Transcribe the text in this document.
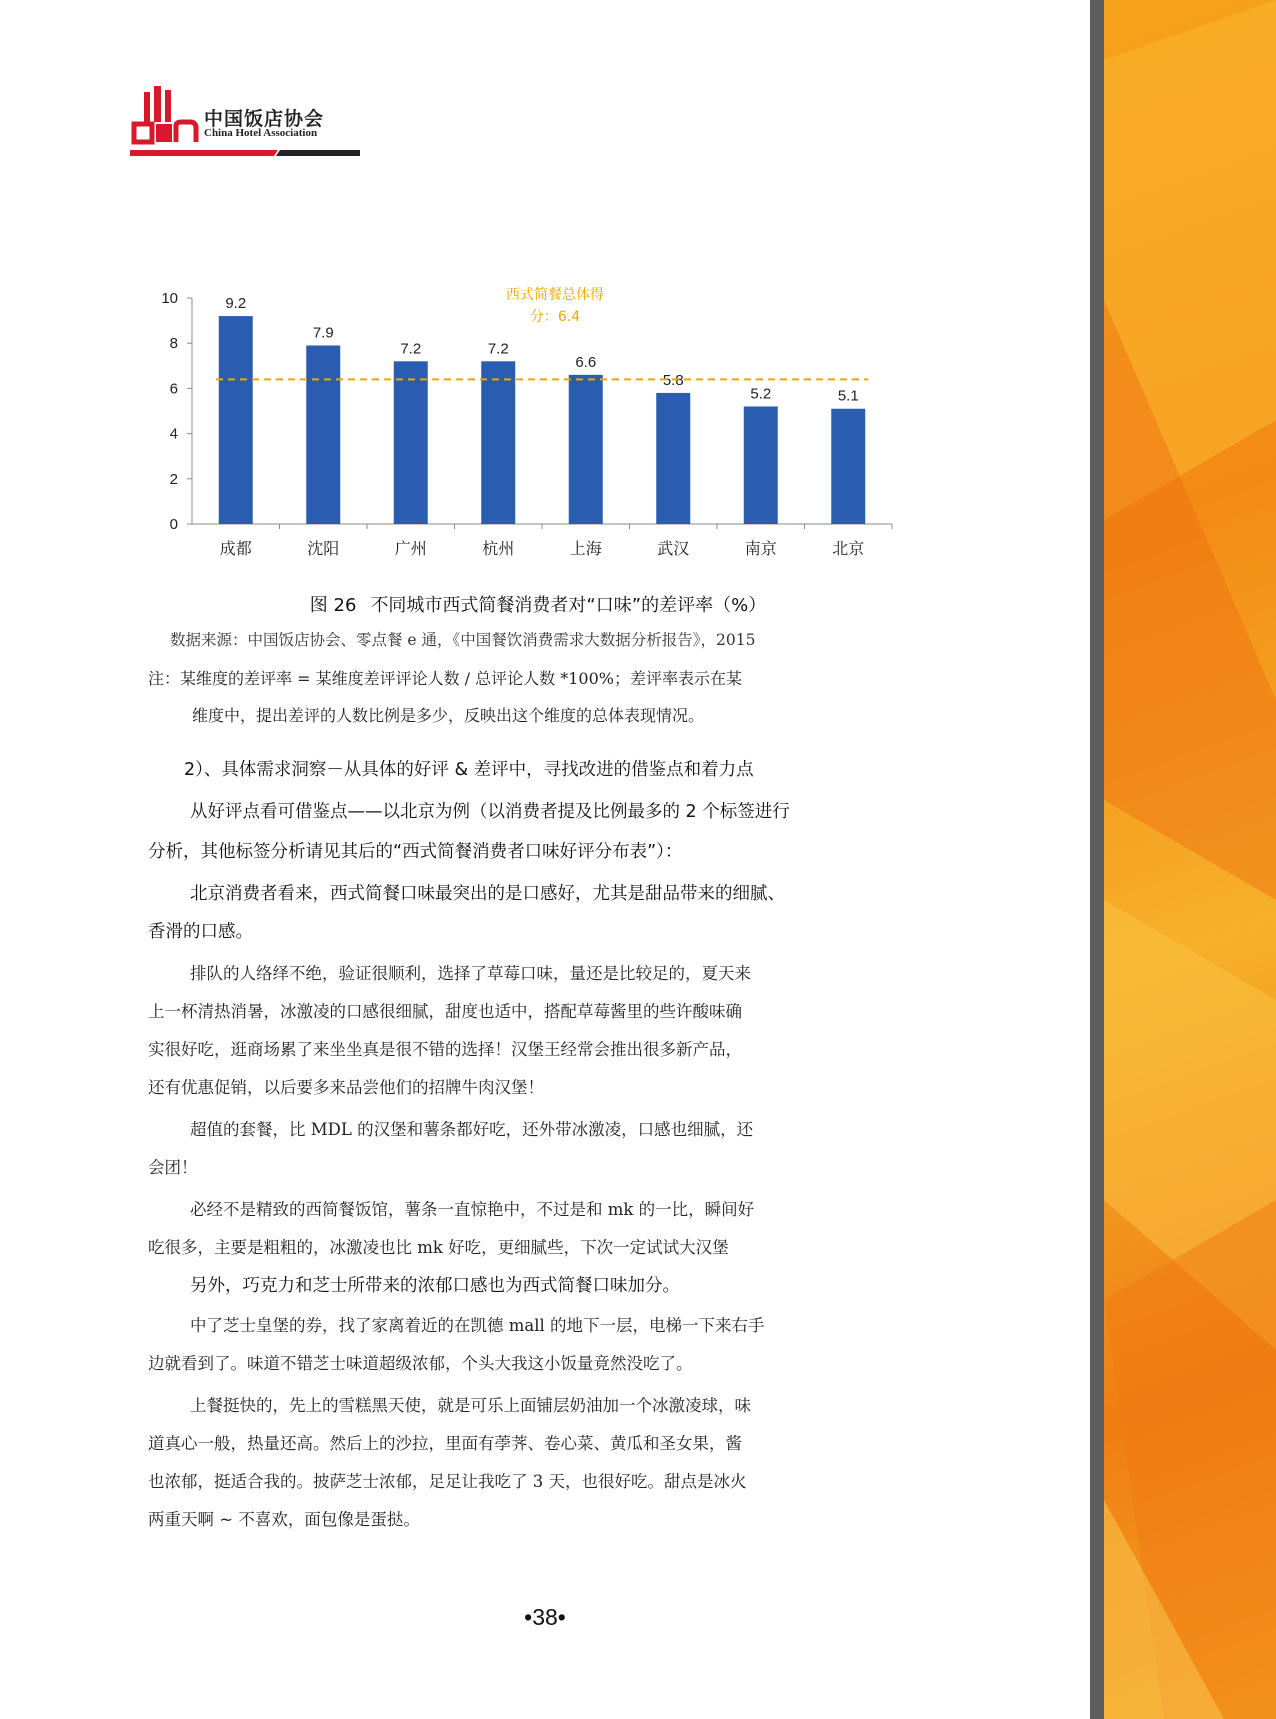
中国饭店协会
China Hotel Association
0
2
4
6
8
10	9.2
成都
7.9
沈阳
7.2
广州
7.2
杭州
6.6
上海
5.8
武汉
5.2
南京
5.1
北京
西式简餐总体得
分：6.4
图 26 不同城市西式简餐消费者对“口味”的差评率（%）
数据来源：中国饭店协会、零点餐 e 通，《中国餐饮消费需求大数据分析报告》，2015
注：某维度的差评率 = 某维度差评评论人数 / 总评论人数 *100%；差评率表示在某
维度中，提出差评的人数比例是多少，反映出这个维度的总体表现情况。
2）、具体需求洞察－从具体的好评 & 差评中，寻找改进的借鉴点和着力点
从好评点看可借鉴点——以北京为例（以消费者提及比例最多的 2 个标签进行
分析，其他标签分析请见其后的“西式简餐消费者口味好评分布表”）：
北京消费者看来，西式简餐口味最突出的是口感好，尤其是甜品带来的细腻、
香滑的口感。
排队的人络绎不绝，验证很顺利，选择了草莓口味，量还是比较足的，夏天来
上一杯清热消暑，冰激凌的口感很细腻，甜度也适中，搭配草莓酱里的些许酸味确
实很好吃，逛商场累了来坐坐真是很不错的选择！汉堡王经常会推出很多新产品，
还有优惠促销，以后要多来品尝他们的招牌牛肉汉堡！
超值的套餐，比 MDL 的汉堡和薯条都好吃，还外带冰激凌，口感也细腻，还
会团！
必经不是精致的西简餐饭馆，薯条一直惊艳中，不过是和 mk 的一比，瞬间好
吃很多，主要是粗粗的，冰激凌也比 mk 好吃，更细腻些，下次一定试试大汉堡
另外，巧克力和芝士所带来的浓郁口感也为西式简餐口味加分。
中了芝士皇堡的券，找了家离着近的在凯德 mall 的地下一层，电梯一下来右手
边就看到了。味道不错芝士味道超级浓郁，个头大我这小饭量竟然没吃了。
上餐挺快的，先上的雪糕黑天使，就是可乐上面铺层奶油加一个冰激凌球，味
道真心一般，热量还高。然后上的沙拉，里面有荸荠、卷心菜、黄瓜和圣女果，酱
也浓郁，挺适合我的。披萨芝士浓郁，足足让我吃了 3 天，也很好吃。甜点是冰火
两重天啊 ~ 不喜欢，面包像是蛋挞。
•38•
